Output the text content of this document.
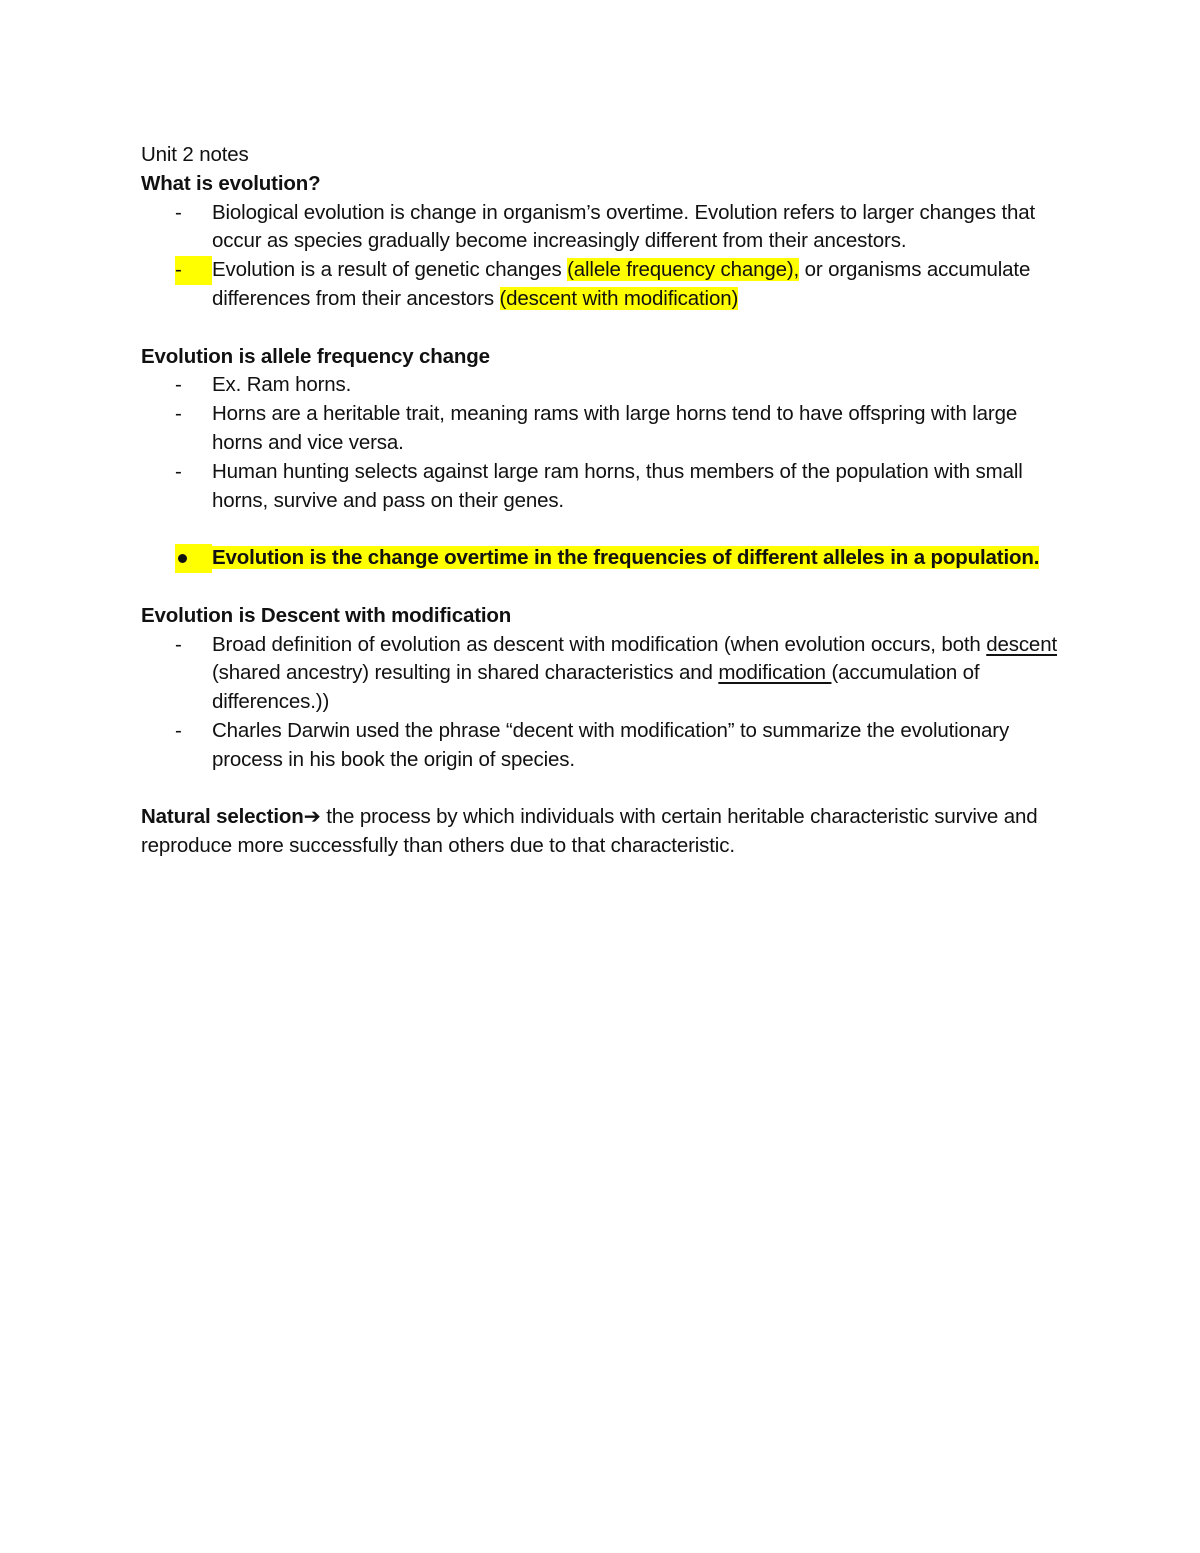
Unit 2 notes

What is evolution?

-	Biological evolution is change in organism’s overtime. Evolution refers to larger changes that occur as species gradually become increasingly different from their ancestors.
-	Evolution is a result of genetic changes (allele frequency change), or organisms accumulate differences from their ancestors (descent with modification)

Evolution is allele frequency change

-	Ex. Ram horns.
-	Horns are a heritable trait, meaning rams with large horns tend to have offspring with large horns and vice versa.
-	Human hunting selects against large ram horns, thus members of the population with small horns, survive and pass on their genes.
Evolution is the change overtime in the frequencies of different alleles in a population.

Evolution is Descent with modification

-	Broad definition of evolution as descent with modification (when evolution occurs, both descent (shared ancestry) resulting in shared characteristics and modification (accumulation of differences.))
-	Charles Darwin used the phrase “decent with modification” to summarize the evolutionary process in his book the origin of species.

Natural selection➔ the process by which individuals with certain heritable characteristic survive and reproduce more successfully than others due to that characteristic.
